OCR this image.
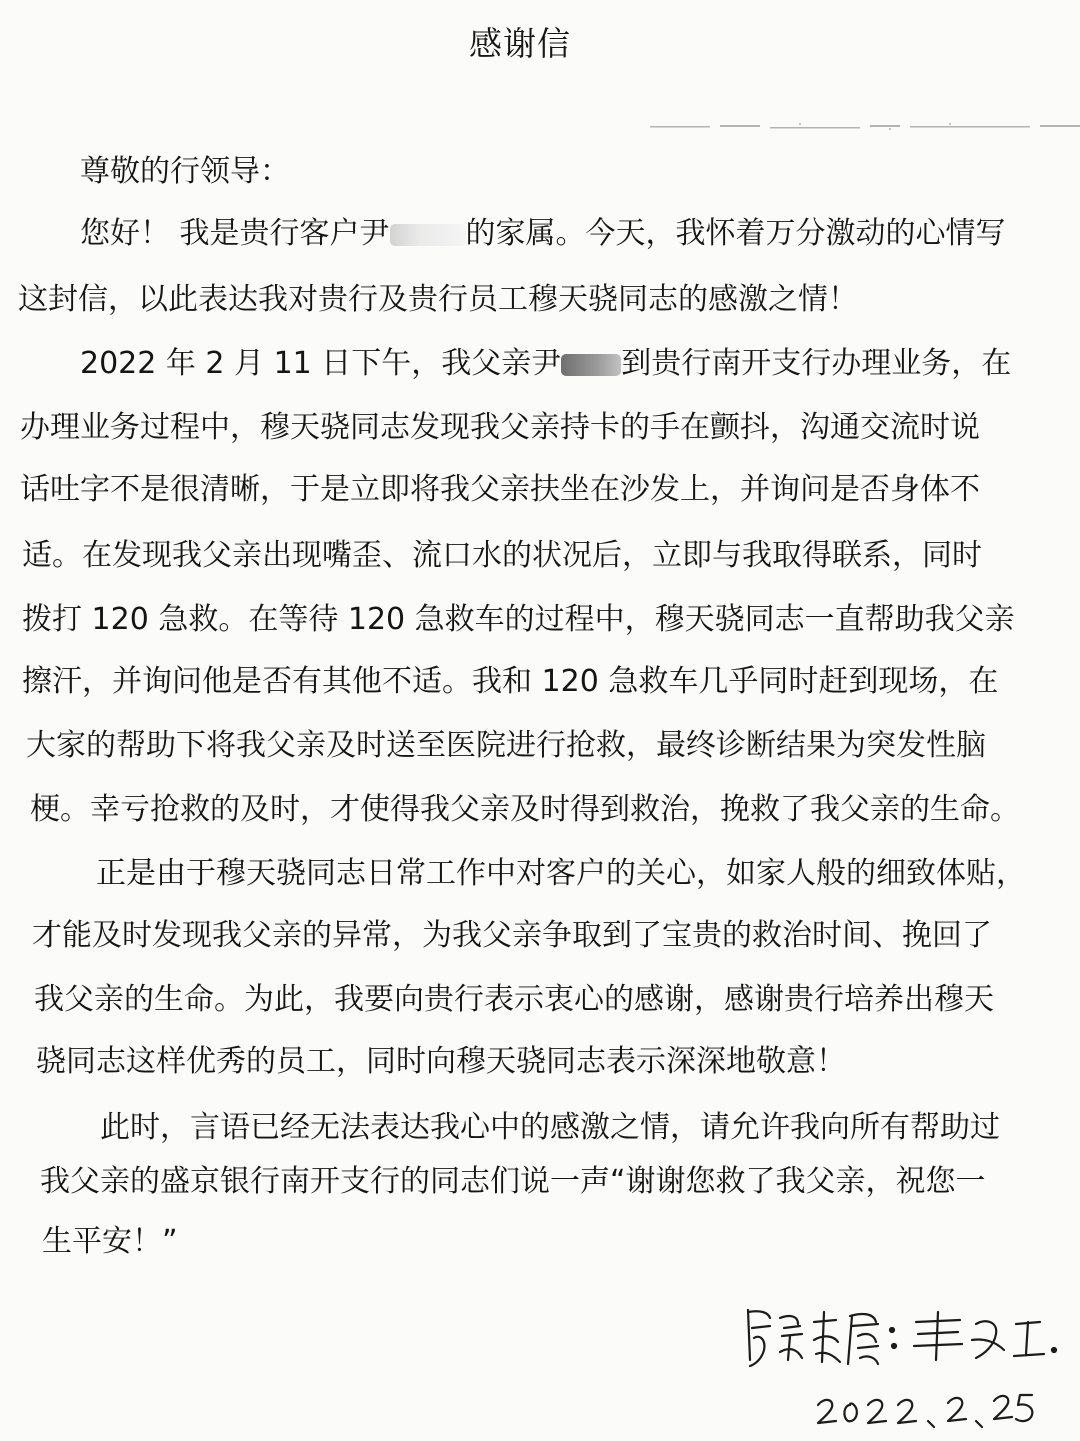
感谢信
尊敬的行领导：
您好！ 我是贵行客户尹	的家属。今天，我怀着万分激动的心情写
这封信，以此表达我对贵行及贵行员工穆天骁同志的感激之情！
2022 年 2 月 11 日下午，我父亲尹 到贵行南开支行办理业务，在
办理业务过程中，穆天骁同志发现我父亲持卡的手在颤抖，沟通交流时说
话吐字不是很清晰，于是立即将我父亲扶坐在沙发上，并询问是否身体不
适。在发现我父亲出现嘴歪、流口水的状况后，立即与我取得联系，同时
拨打 120 急救。在等待 120 急救车的过程中，穆天骁同志一直帮助我父亲
擦汗，并询问他是否有其他不适。我和 120 急救车几乎同时赶到现场，在
大家的帮助下将我父亲及时送至医院进行抢救，最终诊断结果为突发性脑
梗。幸亏抢救的及时，才使得我父亲及时得到救治，挽救了我父亲的生命。
正是由于穆天骁同志日常工作中对客户的关心，如家人般的细致体贴，
才能及时发现我父亲的异常，为我父亲争取到了宝贵的救治时间、挽回了
我父亲的生命。为此，我要向贵行表示衷心的感谢，感谢贵行培养出穆天
骁同志这样优秀的员工，同时向穆天骁同志表示深深地敬意！
此时，言语已经无法表达我心中的感激之情，请允许我向所有帮助过
我父亲的盛京银行南开支行的同志们说一声“谢谢您救了我父亲，祝您一
生平安！”
